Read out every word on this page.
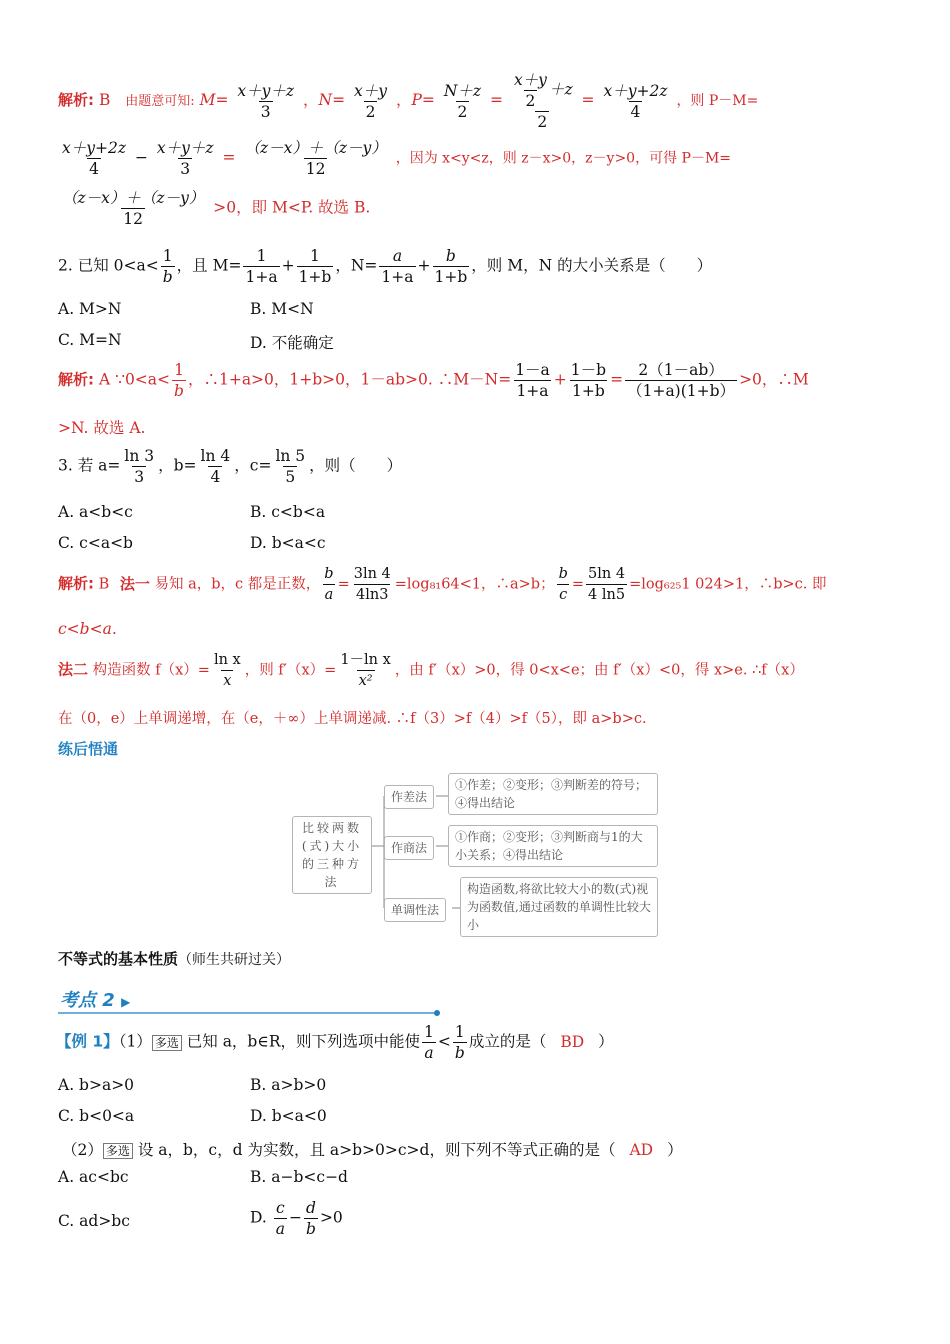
解析: B 由题意可知: $M= \frac{x+y+z}{3}$ ，$N= \frac{x+y}{2}$ ，$P= \frac{N+z}{2} = \frac{\frac{x+y}{2} +z}{2} = \frac{x+y+2z}{4}$ ，则 P－M=
$\frac{x+y+2z}{4} - \frac{x+y+z}{3} = \frac{(z-x)+(z-y)}{12}$ ，因为 x<y<z，则 z－x>0，z－y>0，可得 P－M=
$\frac{(z-x)+(z-y)}{12} >0$，即 M<P. 故选 B.
2. 已知 $0<a< \frac{1}{b}$ ，且 $M= \frac{1}{1+a} + \frac{1}{1+b}$ ，$N= \frac{a}{1+a} + \frac{b}{1+b}$ ，则 M，N 的大小关系是（　　）
A. M>N	B. M<N
C. M=N	D. 不能确定
解析: A ∵0<a< $\frac{1}{b}$ ，∴1+a>0，1+b>0，1－ab>0. ∴M－N= $\frac{1-a}{1+a} + \frac{1-b}{1+b} = \frac{2(1-ab)}{(1+a)(1+b)} >0$，∴M
>N. 故选 A.
3. 若 $a= \frac{\ln 3}{3}$ ，$b= \frac{\ln 4}{4}$ ，$c= \frac{\ln 5}{5}$ ，则（　　）
A. a<b<c	B. c<b<a
C. c<a<b	D. b<a<c
解析: B 法一 易知 a，b，c 都是正数， $\frac{b}{a} = \frac{3\ln 4}{4\ln 3} =\log_{81}64<1$，∴a>b； $\frac{b}{c} = \frac{5\ln 4}{4 \ln 5} =\log_{625}1$ 024>1，∴b>c. 即
c<b<a.
法二 构造函数 $f(x)= \frac{\text{ln x}}{x}$ ，则 $f'(x)= \frac{\text{1－ln x}}{\text{x²}}$ ，由 f′（x）>0，得 0<x<e；由 f′（x）<0，得 x>e. ∴f（x）
在（0，e）上单调递增，在（e，＋∞）上单调递减. ∴f（3）>f（4）>f（5），即 a>b>c.
练后悟通
比较两数(式)大小的三种方法
作差法
①作差；②变形；③判断差的符号；④得出结论
作商法
①作商；②变形；③判断商与1的大小关系；④得出结论
单调性法
构造函数,将欲比较大小的数(式)视为函数值,通过函数的单调性比较大小
不等式的基本性质（师生共研过关）
考点 2 ▶
【例 1】（1） 多选 已知 a，b∈R，则下列选项中能使 $\frac{1}{a} < \frac{1}{b}$ 成立的是（ BD ）
A. b>a>0	B. a>b>0
C. b<0<a	D. b<a<0
（2） 多选 设 a，b，c，d 为实数，且 a>b>0>c>d，则下列不等式正确的是（ AD ）
A. ac<bc	B. a−b<c−d
C. ad>bc	D. $\frac{c}{a} - \frac{d}{b} >0$
